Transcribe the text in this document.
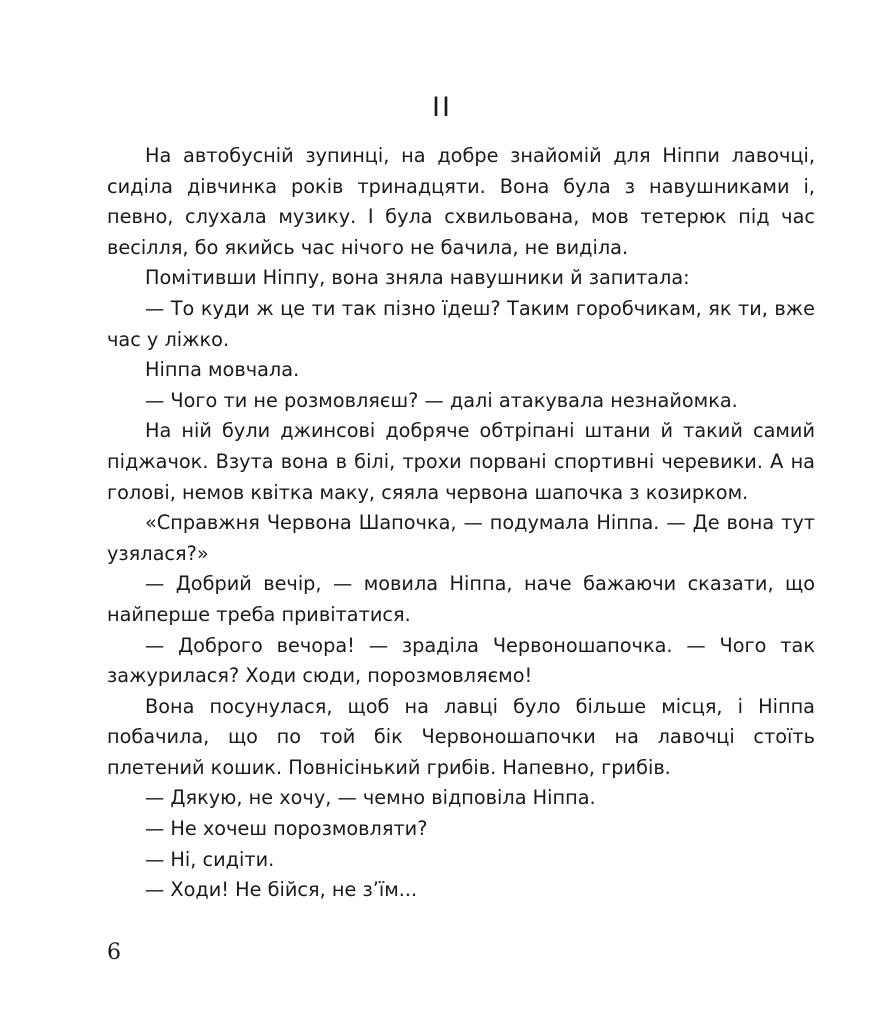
II

На автобусній зупинці, на добре знайомій для Ніппи лавочці, сиділа дівчинка років тринадцяти. Вона була з навушниками і, певно, слухала музику. І була схвильована, мов тетерюк під час весілля, бо якийсь час нічого не бачила, не виділа.

Помітивши Ніппу, вона зняла навушники й запитала:

— То куди ж це ти так пізно їдеш? Таким горобчикам, як ти, вже час у ліжко.

Ніппа мовчала.

— Чого ти не розмовляєш? — далі атакувала незнайомка.

На ній були джинсові добряче обтріпані штани й такий самий піджачок. Взута вона в білі, трохи порвані спортивні черевики. А на голові, немов квітка маку, сяяла червона шапочка з козирком.

«Справжня Червона Шапочка, — подумала Ніппа. — Де вона тут узялася?»

— Добрий вечір, — мовила Ніппа, наче бажаючи сказати, що найперше треба привітатися.

— Доброго вечора! — зраділа Червоношапочка. — Чого так зажурилася? Ходи сюди, порозмовляємо!

Вона посунулася, щоб на лавці було більше місця, і Ніппа побачила, що по той бік Червоношапочки на лавочці стоїть плетений кошик. Повнісінький грибів. Напевно, грибів.

— Дякую, не хочу, — чемно відповіла Ніппа.

— Не хочеш порозмовляти?

— Ні, сидіти.

— Ходи! Не бійся, не з’їм...

6
